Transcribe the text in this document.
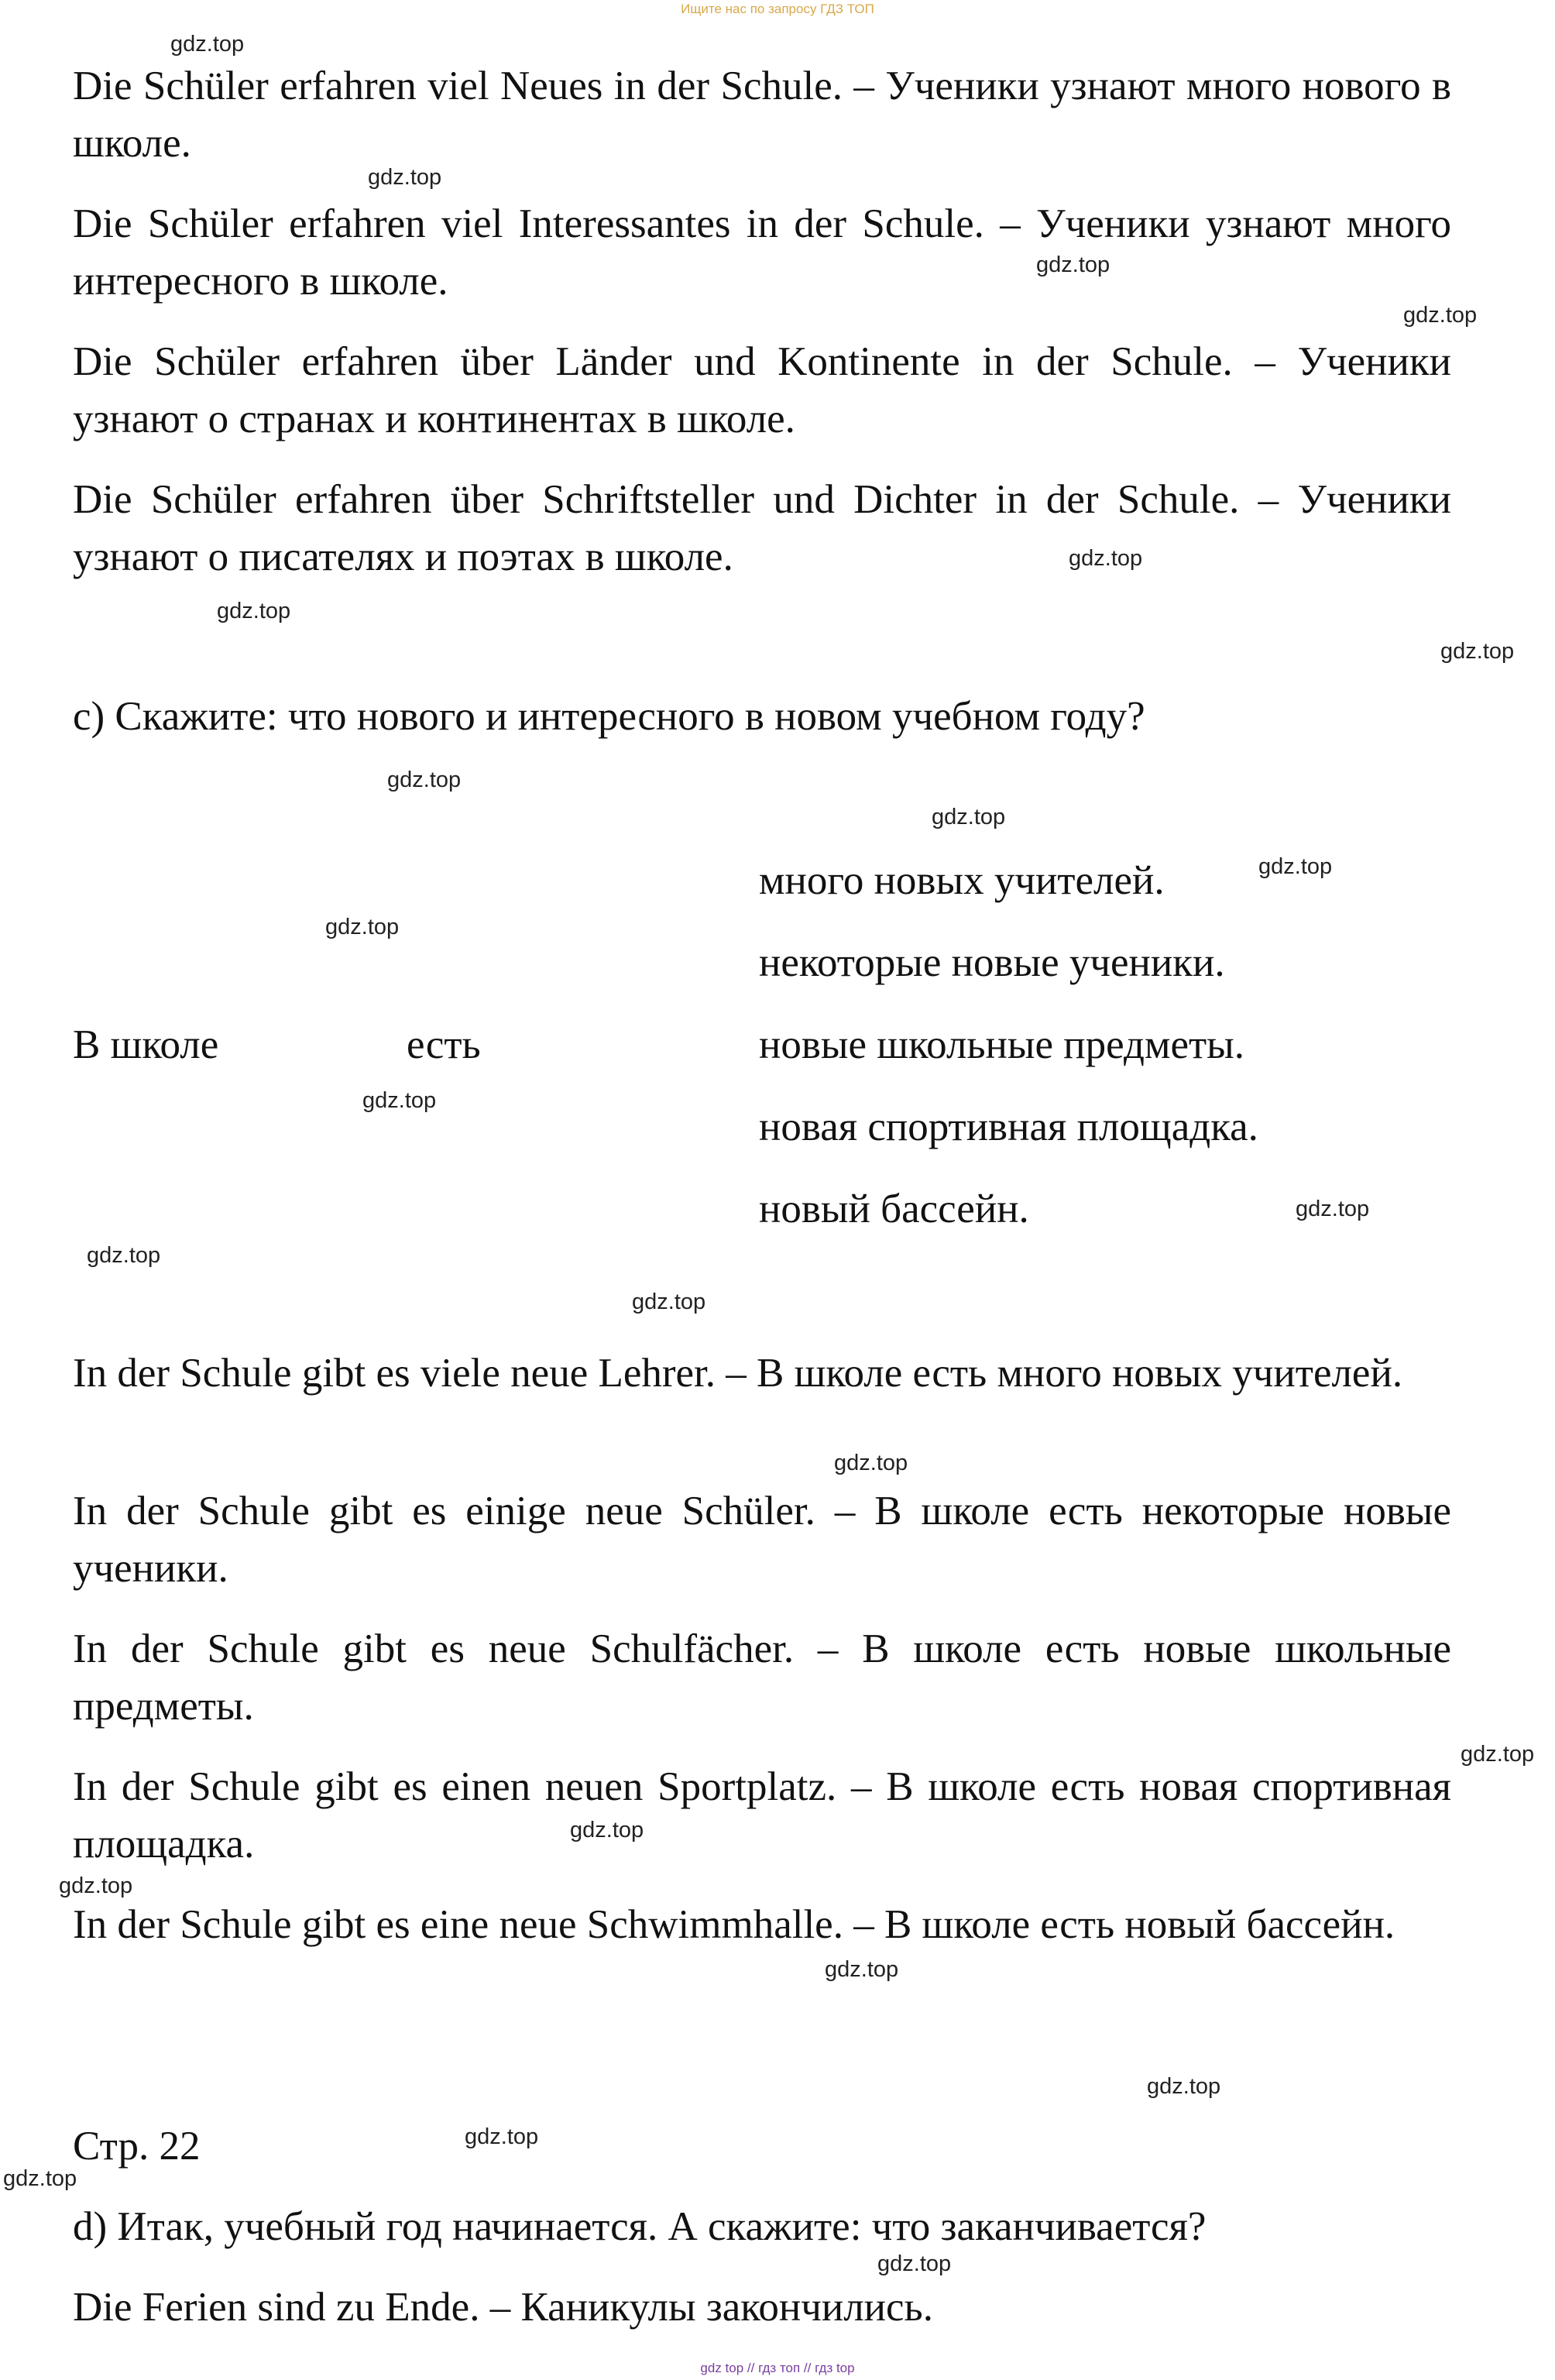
Ищите нас по запросу ГДЗ ТОП

Die Schüler erfahren viel Neues in der Schule. – Ученики узнают много нового в школе.

Die Schüler erfahren viel Interessantes in der Schule. – Ученики узнают много интересного в школе.

Die Schüler erfahren über Länder und Kontinente in der Schule. – Ученики узнают о странах и континентах в школе.

Die Schüler erfahren über Schriftsteller und Dichter in der Schule. – Ученики узнают о писателях и поэтах в школе.

c) Скажите: что нового и интересного в новом учебном году?
В школе	есть
много новых учителей.
некоторые новые ученики.
новые школьные предметы.
новая спортивная площадка.
новый бассейн.

In der Schule gibt es viele neue Lehrer. – В школе есть много новых учителей.

In der Schule gibt es einige neue Schüler. – В школе есть некоторые новые ученики.

In der Schule gibt es neue Schulfächer. – В школе есть новые школьные предметы.

In der Schule gibt es einen neuen Sportplatz. – В школе есть новая спортивная площадка.

In der Schule gibt es eine neue Schwimmhalle. – В школе есть новый бассейн.

Стр. 22
d) Итак, учебный год начинается. А скажите: что заканчивается?
Die Ferien sind zu Ende. – Каникулы закончились.
gdz.top
gdz.top
gdz.top
gdz.top
gdz.top
gdz.top
gdz.top
gdz.top
gdz.top
gdz.top
gdz.top
gdz.top
gdz.top
gdz.top
gdz.top
gdz.top
gdz.top
gdz.top
gdz.top
gdz.top
gdz.top
gdz.top
gdz.top
gdz.top
gdz top // гдз топ // гдз top
